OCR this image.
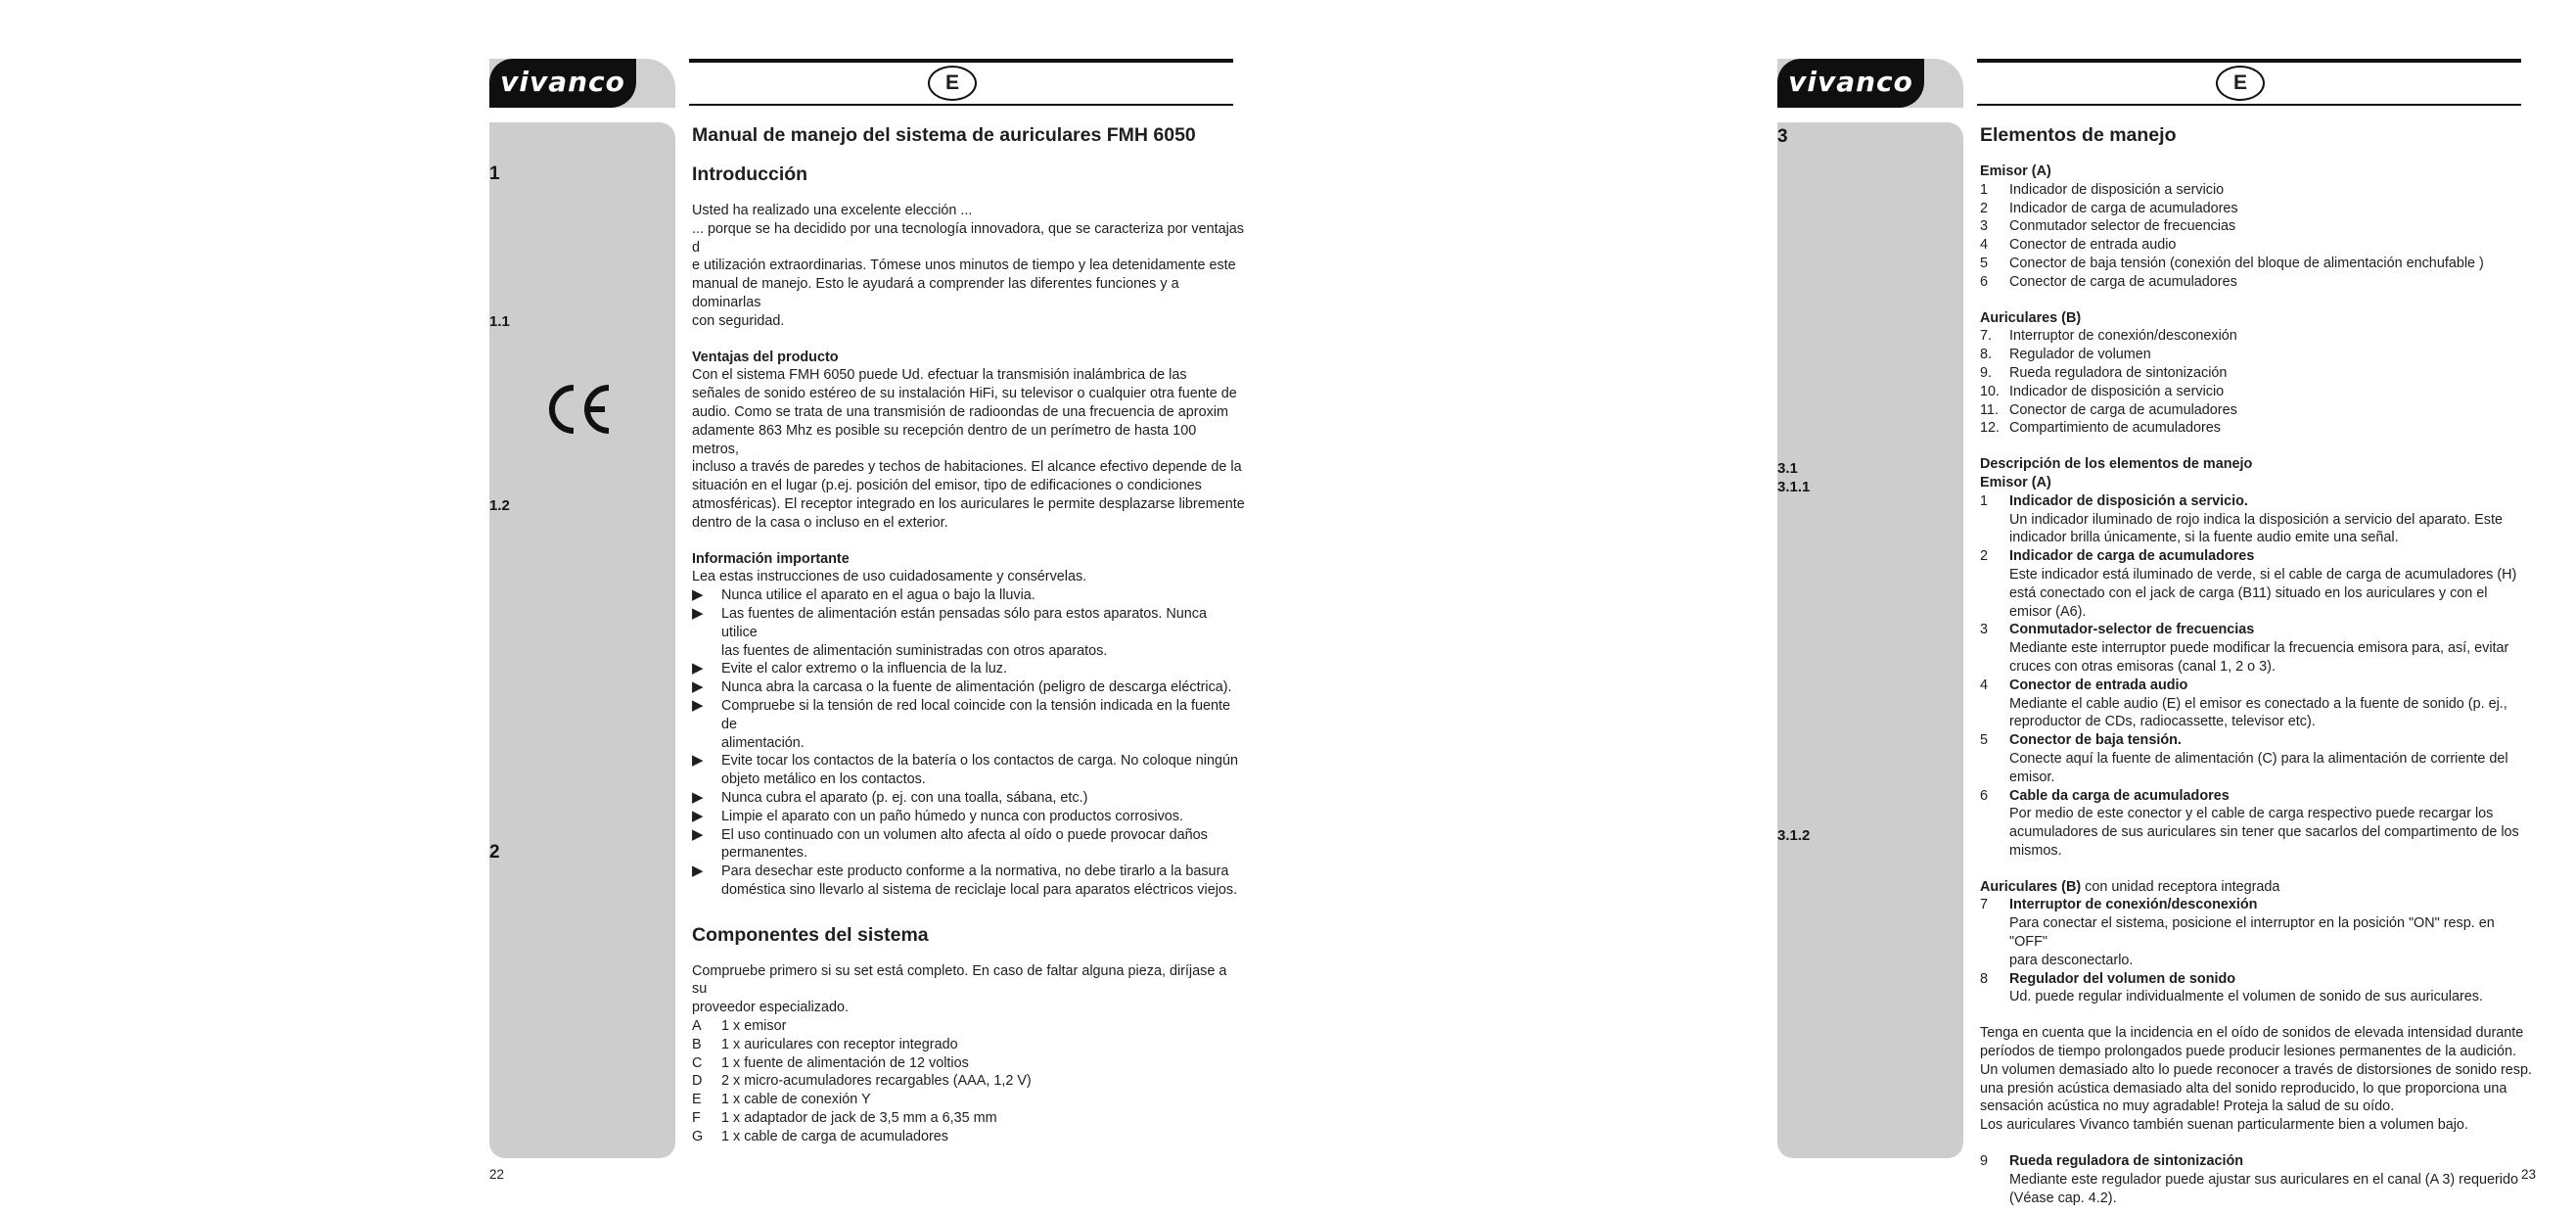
vivanco	E
1
1.1
1.2
2

Manual de manejo del sistema de auriculares FMH 6050

Introducción

Usted ha realizado una excelente elección ...

... porque se ha decidido por una tecnología innovadora, que se caracteriza por ventajas d

e utilización extraordinarias. Tómese unos minutos de tiempo y lea detenidamente este

manual de manejo. Esto le ayudará a comprender las diferentes funciones y a dominarlas

con seguridad.

Ventajas del producto

Con el sistema FMH 6050 puede Ud. efectuar la transmisión inalámbrica de las

señales de sonido estéreo de su instalación HiFi, su televisor o cualquier otra fuente de

audio. Como se trata de una transmisión de radioondas de una frecuencia de aproxim

adamente 863 Mhz es posible su recepción dentro de un perímetro de hasta 100 metros,

incluso a través de paredes y techos de habitaciones. El alcance efectivo depende de la

situación en el lugar (p.ej. posición del emisor, tipo de edificaciones o condiciones

atmosféricas). El receptor integrado en los auriculares le permite desplazarse libremente

dentro de la casa o incluso en el exterior.

Información importante

Lea estas instrucciones de uso cuidadosamente y consérvelas.

▶	Nunca utilice el aparato en el agua o bajo la lluvia.

▶	Las fuentes de alimentación están pensadas sólo para estos aparatos. Nunca utilice

las fuentes de alimentación suministradas con otros aparatos.

▶	Evite el calor extremo o la influencia de la luz.

▶	Nunca abra la carcasa o la fuente de alimentación (peligro de descarga eléctrica).

▶	Compruebe si la tensión de red local coincide con la tensión indicada en la fuente de

alimentación.

▶	Evite tocar los contactos de la batería o los contactos de carga. No coloque ningún

objeto metálico en los contactos.

▶	Nunca cubra el aparato (p. ej. con una toalla, sábana, etc.)

▶	Limpie el aparato con un paño húmedo y nunca con productos corrosivos.

▶	El uso continuado con un volumen alto afecta al oído o puede provocar daños

permanentes.

▶	Para desechar este producto conforme a la normativa, no debe tirarlo a la basura

doméstica sino llevarlo al sistema de reciclaje local para aparatos eléctricos viejos.

Componentes del sistema

Compruebe primero si su set está completo. En caso de faltar alguna pieza, diríjase a su

proveedor especializado.

A	1 x emisor
B	1 x auriculares con receptor integrado
C	1 x fuente de alimentación de 12 voltios
D	2 x micro-acumuladores recargables (AAA, 1,2 V)
E	1 x cable de conexión Y
F	1 x adaptador de jack de 3,5 mm a 6,35 mm
G	1 x cable de carga de acumuladores
22
vivanco	E
3
3.1
3.1.1
3.1.2

Elementos de manejo

Emisor (A)

1	Indicador de disposición a servicio
2	Indicador de carga de acumuladores
3	Conmutador selector de frecuencias
4	Conector de entrada audio
5	Conector de baja tensión (conexión del bloque de alimentación enchufable )
6	Conector de carga de acumuladores

Auriculares (B)

7.	Interruptor de conexión/desconexión
8.	Regulador de volumen
9.	Rueda reguladora de sintonización
10. Indicador de disposición a servicio
11. Conector de carga de acumuladores
12. Compartimiento de acumuladores

Descripción de los elementos de manejo

Emisor (A)

1	Indicador de disposición a servicio.

Un indicador iluminado de rojo indica la disposición a servicio del aparato. Este

indicador brilla únicamente, si la fuente audio emite una señal.

2	Indicador de carga de acumuladores

Este indicador está iluminado de verde, si el cable de carga de acumuladores (H)

está conectado con el jack de carga (B11) situado en los auriculares y con el emisor (A6).

3	Conmutador-selector de frecuencias

Mediante este interruptor puede modificar la frecuencia emisora para, así, evitar

cruces con otras emisoras (canal 1, 2 o 3).

4	Conector de entrada audio

Mediante el cable audio (E) el emisor es conectado a la fuente de sonido (p. ej.,

reproductor de CDs, radiocassette, televisor etc).

5	Conector de baja tensión.

Conecte aquí la fuente de alimentación (C) para la alimentación de corriente del emisor.

6	Cable da carga de acumuladores

Por medio de este conector y el cable de carga respectivo puede recargar los

acumuladores de sus auriculares sin tener que sacarlos del compartimento de los mismos.

Auriculares (B) con unidad receptora integrada

7	Interruptor de conexión/desconexión

Para conectar el sistema, posicione el interruptor en la posición "ON" resp. en "OFF"

para desconectarlo.

8	Regulador del volumen de sonido

Ud. puede regular individualmente el volumen de sonido de sus auriculares.

Tenga en cuenta que la incidencia en el oído de sonidos de elevada intensidad durante

períodos de tiempo prolongados puede producir lesiones permanentes de la audición.

Un volumen demasiado alto lo puede reconocer a través de distorsiones de sonido resp.

una presión acústica demasiado alta del sonido reproducido, lo que proporciona una

sensación acústica no muy agradable! Proteja la salud de su oído.

Los auriculares Vivanco también suenan particularmente bien a volumen bajo.

9	Rueda reguladora de sintonización

Mediante este regulador puede ajustar sus auriculares en el canal (A 3) requerido

(Véase cap. 4.2).

23
